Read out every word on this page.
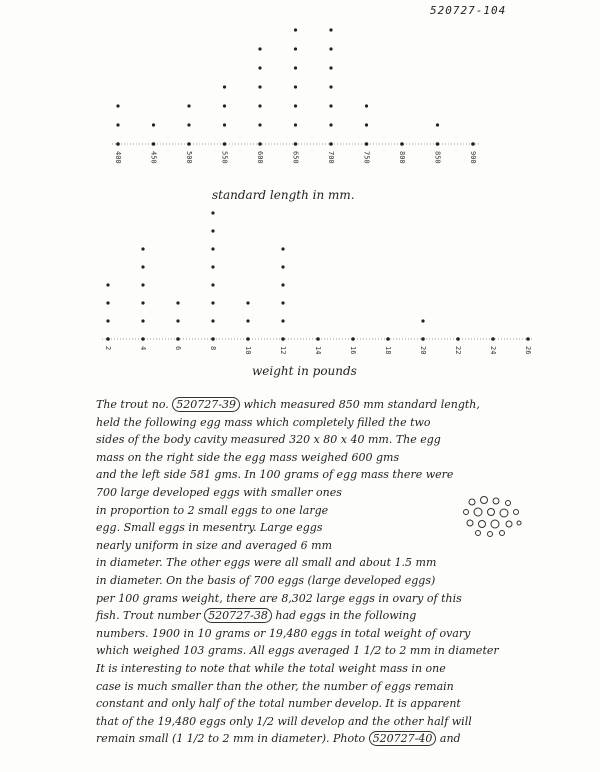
520727-104
400	450	500	550	600	650	700	750	800	850	900
standard length in mm.
2	4	6	8	10	12	14	16	18	20	22	24	26
weight in pounds

The trout no. 520727-39 which measured 850 mm standard length,

held the following egg mass which completely filled the two

sides of the body cavity measured 320 x 80 x 40 mm. The egg

mass on the right side the egg mass weighed 600 gms

and the left side 581 gms. In 100 grams of egg mass there were

700 large developed eggs with smaller ones

in proportion to 2 small eggs to one large

egg. Small eggs in mesentry. Large eggs

nearly uniform in size and averaged 6 mm

in diameter. The other eggs were all small and about 1.5 mm

in diameter. On the basis of 700 eggs (large developed eggs)

per 100 grams weight, there are 8,302 large eggs in ovary of this

fish. Trout number 520727-38 had eggs in the following

numbers. 1900 in 10 grams or 19,480 eggs in total weight of ovary

which weighed 103 grams. All eggs averaged 1 1/2 to 2 mm in diameter

It is interesting to note that while the total weight mass in one

case is much smaller than the other, the number of eggs remain

constant and only half of the total number develop. It is apparent

that of the 19,480 eggs only 1/2 will develop and the other half will

remain small (1 1/2 to 2 mm in diameter). Photo 520727-40 and
